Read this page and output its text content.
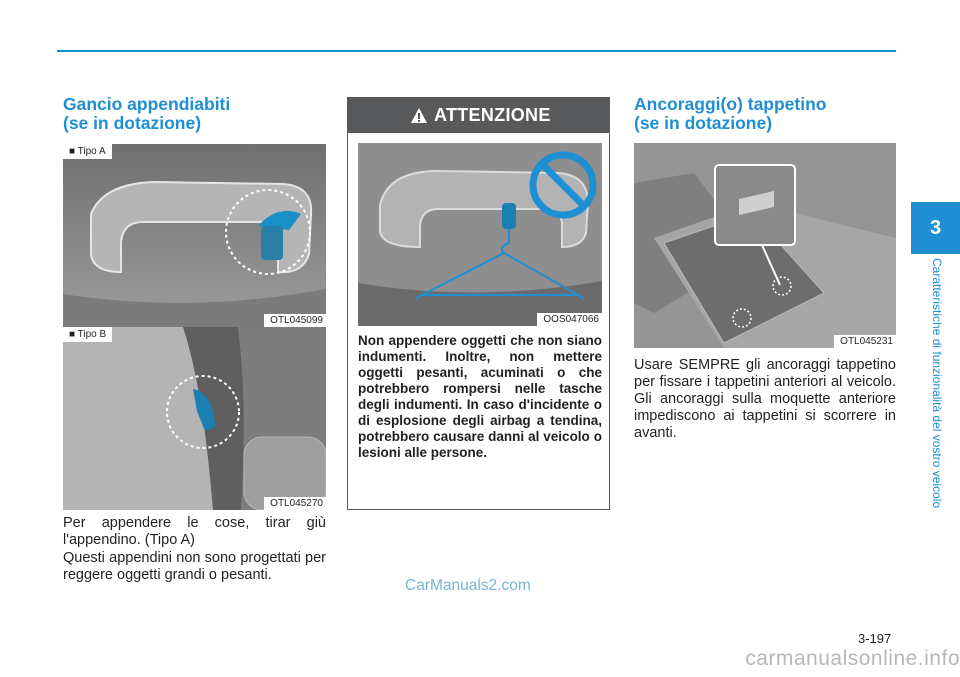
Gancio appendiabiti
(se in dotazione)
■ Tipo A
OTL045099
■ Tipo B
OTL045270

Per appendere le cose, tirar giù l'appendino. (Tipo A)

Questi appendini non sono progettati per reggere oggetti grandi o pesanti.

ATTENZIONE
OOS047066

Non appendere oggetti che non siano indumenti. Inoltre, non mettere oggetti pesanti, acuminati o che potrebbero rompersi nelle tasche degli indumenti. In caso d'incidente o di esplosione degli airbag a tendina, potrebbero causare danni al veicolo o lesioni alle persone.

Ancoraggi(o) tappetino
(se in dotazione)
OTL045231

Usare SEMPRE gli ancoraggi tappetino per fissare i tappetini anteriori al veicolo. Gli ancoraggi sulla moquette anteriore impediscono ai tappetini si scorrere in avanti.

3
Caratteristiche di funzionalità del vostro veicolo
CarManuals2.com
3-197
carmanualsonline.info
